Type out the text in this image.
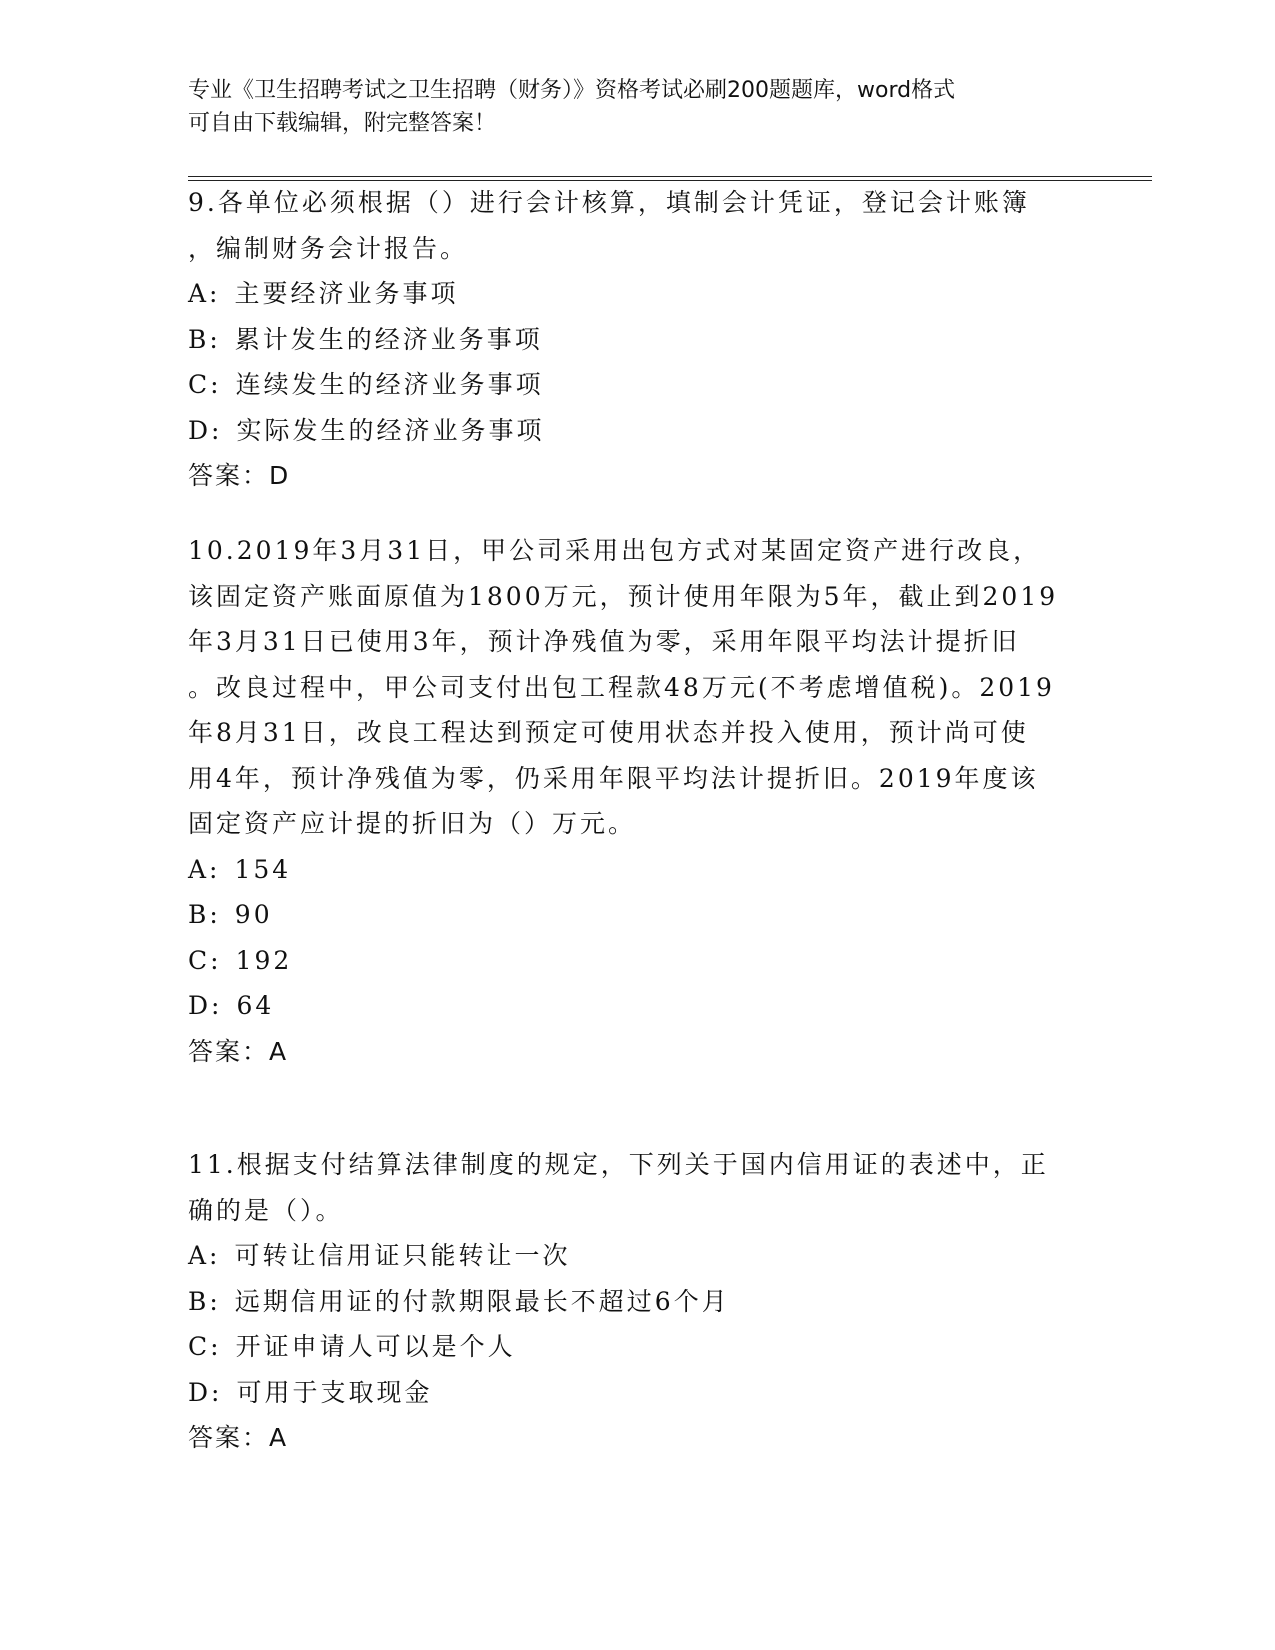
专业《卫生招聘考试之卫生招聘（财务）》资格考试必刷200题题库，word格式
可自由下载编辑，附完整答案！

9.各单位必须根据（）进行会计核算，填制会计凭证，登记会计账簿

，编制财务会计报告。

A: 主要经济业务事项

B: 累计发生的经济业务事项

C: 连续发生的经济业务事项

D: 实际发生的经济业务事项

答案：D

10.2019年3月31日，甲公司采用出包方式对某固定资产进行改良，

该固定资产账面原值为1800万元，预计使用年限为5年，截止到2019

年3月31日已使用3年，预计净残值为零，采用年限平均法计提折旧

。改良过程中，甲公司支付出包工程款48万元(不考虑增值税)。2019

年8月31日，改良工程达到预定可使用状态并投入使用，预计尚可使

用4年，预计净残值为零，仍采用年限平均法计提折旧。2019年度该

固定资产应计提的折旧为（）万元。

A: 154

B: 90

C: 192

D: 64

答案：A

11.根据支付结算法律制度的规定，下列关于国内信用证的表述中，正

确的是（）。

A: 可转让信用证只能转让一次

B: 远期信用证的付款期限最长不超过6个月

C: 开证申请人可以是个人

D: 可用于支取现金

答案：A
